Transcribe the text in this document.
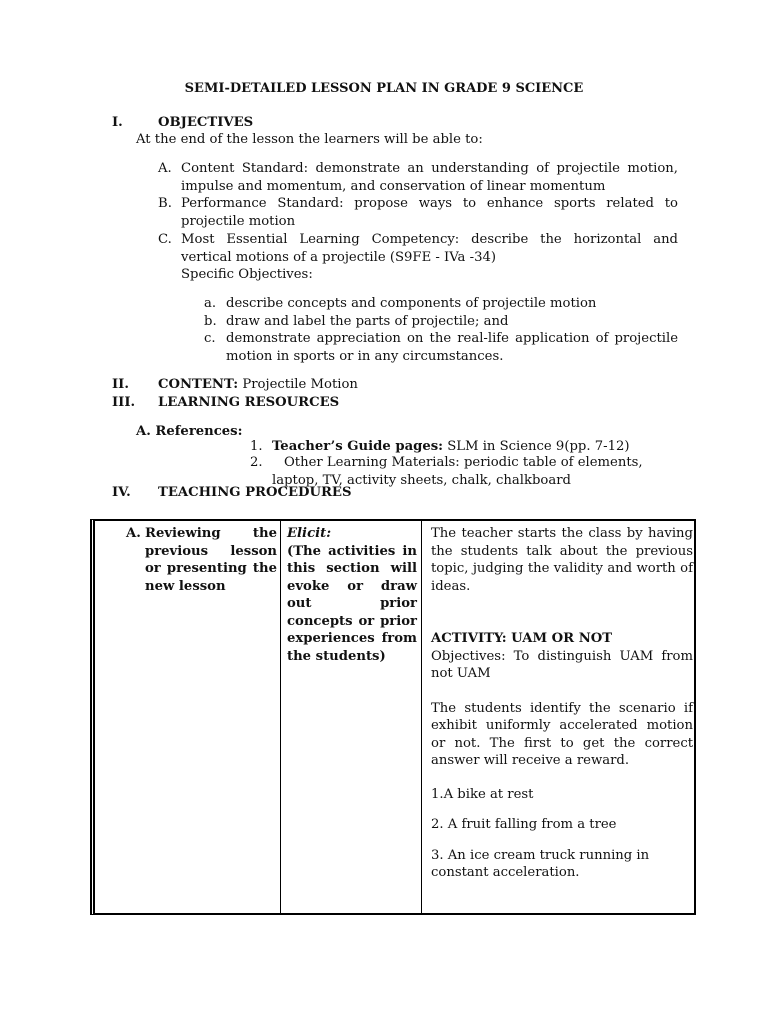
SEMI-DETAILED LESSON PLAN IN GRADE 9 SCIENCE
I.	OBJECTIVES
At the end of the lesson the learners will be able to:
A. Content Standard: demonstrate an understanding of projectile motion, impulse and momentum, and conservation of linear momentum
B. Performance Standard: propose ways to enhance sports related to projectile motion
C. Most Essential Learning Competency: describe the horizontal and vertical motions of a projectile (S9FE - IVa -34)
Specific Objectives:
a. describe concepts and components of projectile motion
b. draw and label the parts of projectile; and
c. demonstrate appreciation on the real-life application of projectile motion in sports or in any circumstances.
II. CONTENT: Projectile Motion
III. LEARNING RESOURCES
A. References:
1. Teacher’s Guide pages: SLM in Science 9(pp. 7-12)
2.	Other Learning Materials: periodic table of elements, laptop, TV, activity sheets, chalk, chalkboard
IV. TEACHING PROCEDURES
A. Reviewing the previous lesson or presenting the new lesson
Elicit:
(The activities in this section will evoke or draw out prior concepts or prior experiences from the students)

The teacher starts the class by having the students talk about the previous topic, judging the validity and worth of ideas.

ACTIVITY: UAM OR NOT

Objectives: To distinguish UAM from not UAM

The students identify the scenario if exhibit uniformly accelerated motion or not. The first to get the correct answer will receive a reward.

1.A bike at rest

2. A fruit falling from a tree

3. An ice cream truck running in constant acceleration.
